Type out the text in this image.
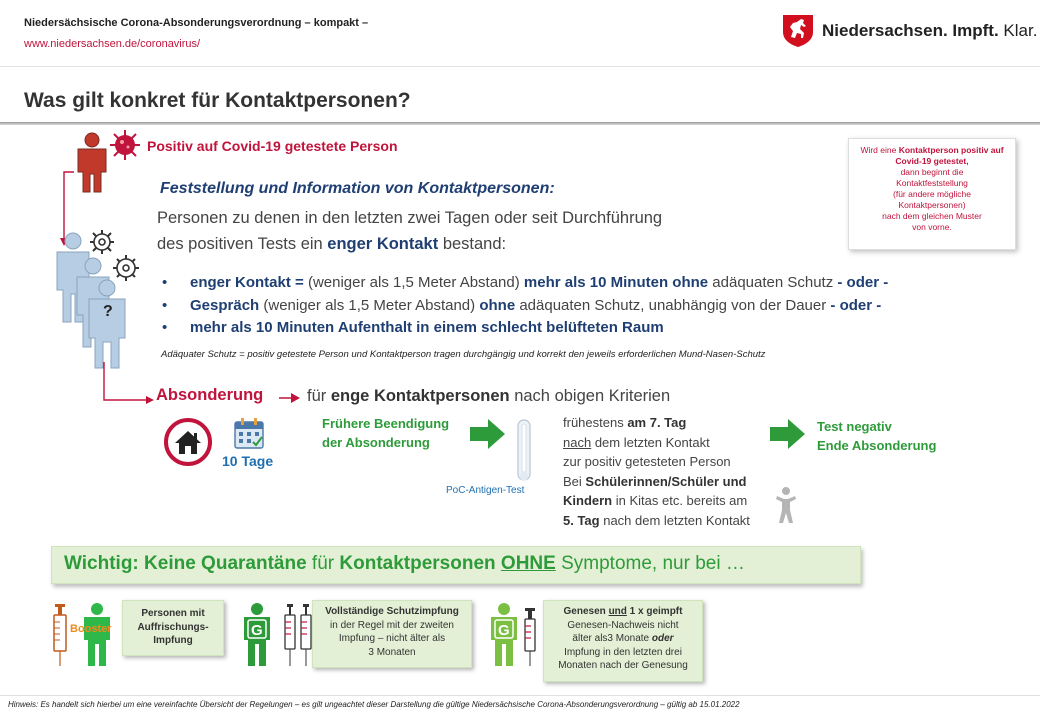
Niedersächsische Corona-Absonderungsverordnung – kompakt –
www.niedersachsen.de/coronavirus/
Niedersachsen. Impft. Klar.
Was gilt konkret für Kontaktpersonen?
Positiv auf Covid-19 getestete Person
?
Wird eine Kontaktperson positiv auf Covid-19 getestet,
dann beginnt die
Kontaktfeststellung
(für andere mögliche
Kontaktpersonen)
nach dem gleichen Muster
von vorne.
Feststellung und Information von Kontaktpersonen:
Personen zu denen in den letzten zwei Tagen oder seit Durchführung
des positiven Tests ein enger Kontakt bestand:
• enger Kontakt = (weniger als 1,5 Meter Abstand) mehr als 10 Minuten ohne adäquaten Schutz - oder -
• Gespräch (weniger als 1,5 Meter Abstand) ohne adäquaten Schutz, unabhängig von der Dauer - oder -
• mehr als 10 Minuten Aufenthalt in einem schlecht belüfteten Raum
Adäquater Schutz = positiv getestete Person und Kontaktperson tragen durchgängig und korrekt den jeweils erforderlichen Mund-Nasen-Schutz
Absonderung	für enge Kontaktpersonen nach obigen Kriterien
10 Tage
Frühere Beendigung
der Absonderung
PoC-Antigen-Test
frühestens am 7. Tag
nach dem letzten Kontakt
zur positiv getesteten Person
Bei Schülerinnen/Schüler und
Kindern in Kitas etc. bereits am
5. Tag nach dem letzten Kontakt
Test negativ
Ende Absonderung
Wichtig: Keine Quarantäne für Kontaktpersonen OHNE Symptome, nur bei …
Booster
Personen mit
Auffrischungs-
Impfung
G
Vollständige Schutzimpfung
in der Regel mit der zweiten
Impfung – nicht älter als
3 Monaten
G
Genesen und 1 x geimpft
Genesen-Nachweis nicht
älter als3 Monate oder
Impfung in den letzten drei
Monaten nach der Genesung
Hinweis: Es handelt sich hierbei um eine vereinfachte Übersicht der Regelungen – es gilt ungeachtet dieser Darstellung die gültige Niedersächsische Corona-Absonderungsverordnung – gültig ab 15.01.2022
